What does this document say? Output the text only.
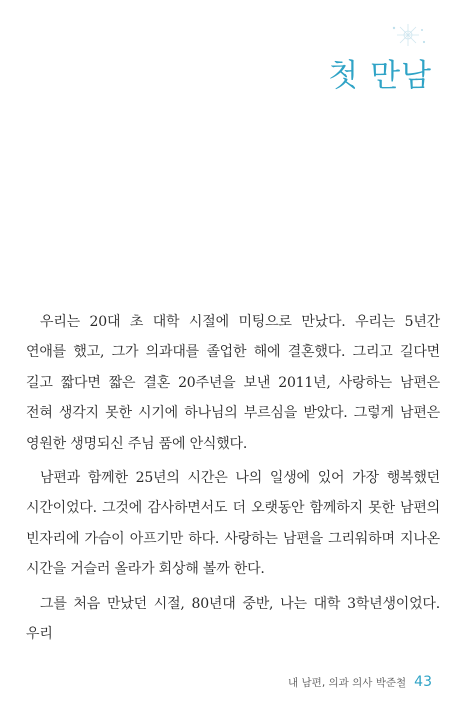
첫 만남

우리는 20대 초 대학 시절에 미팅으로 만났다. 우리는 5년간 연애를 했고, 그가 의과대를 졸업한 해에 결혼했다. 그리고 길다면 길고 짧다면 짧은 결혼 20주년을 보낸 2011년, 사랑하는 남편은 전혀 생각지 못한 시기에 하나님의 부르심을 받았다. 그렇게 남편은 영원한 생명되신 주님 품에 안식했다.

남편과 함께한 25년의 시간은 나의 일생에 있어 가장 행복했던 시간이었다. 그것에 감사하면서도 더 오랫동안 함께하지 못한 남편의 빈자리에 가슴이 아프기만 하다. 사랑하는 남편을 그리워하며 지나온 시간을 거슬러 올라가 회상해 볼까 한다.

그를 처음 만났던 시절, 80년대 중반, 나는 대학 3학년생이었다. 우리

내 남편, 의과 의사 박준철 43
